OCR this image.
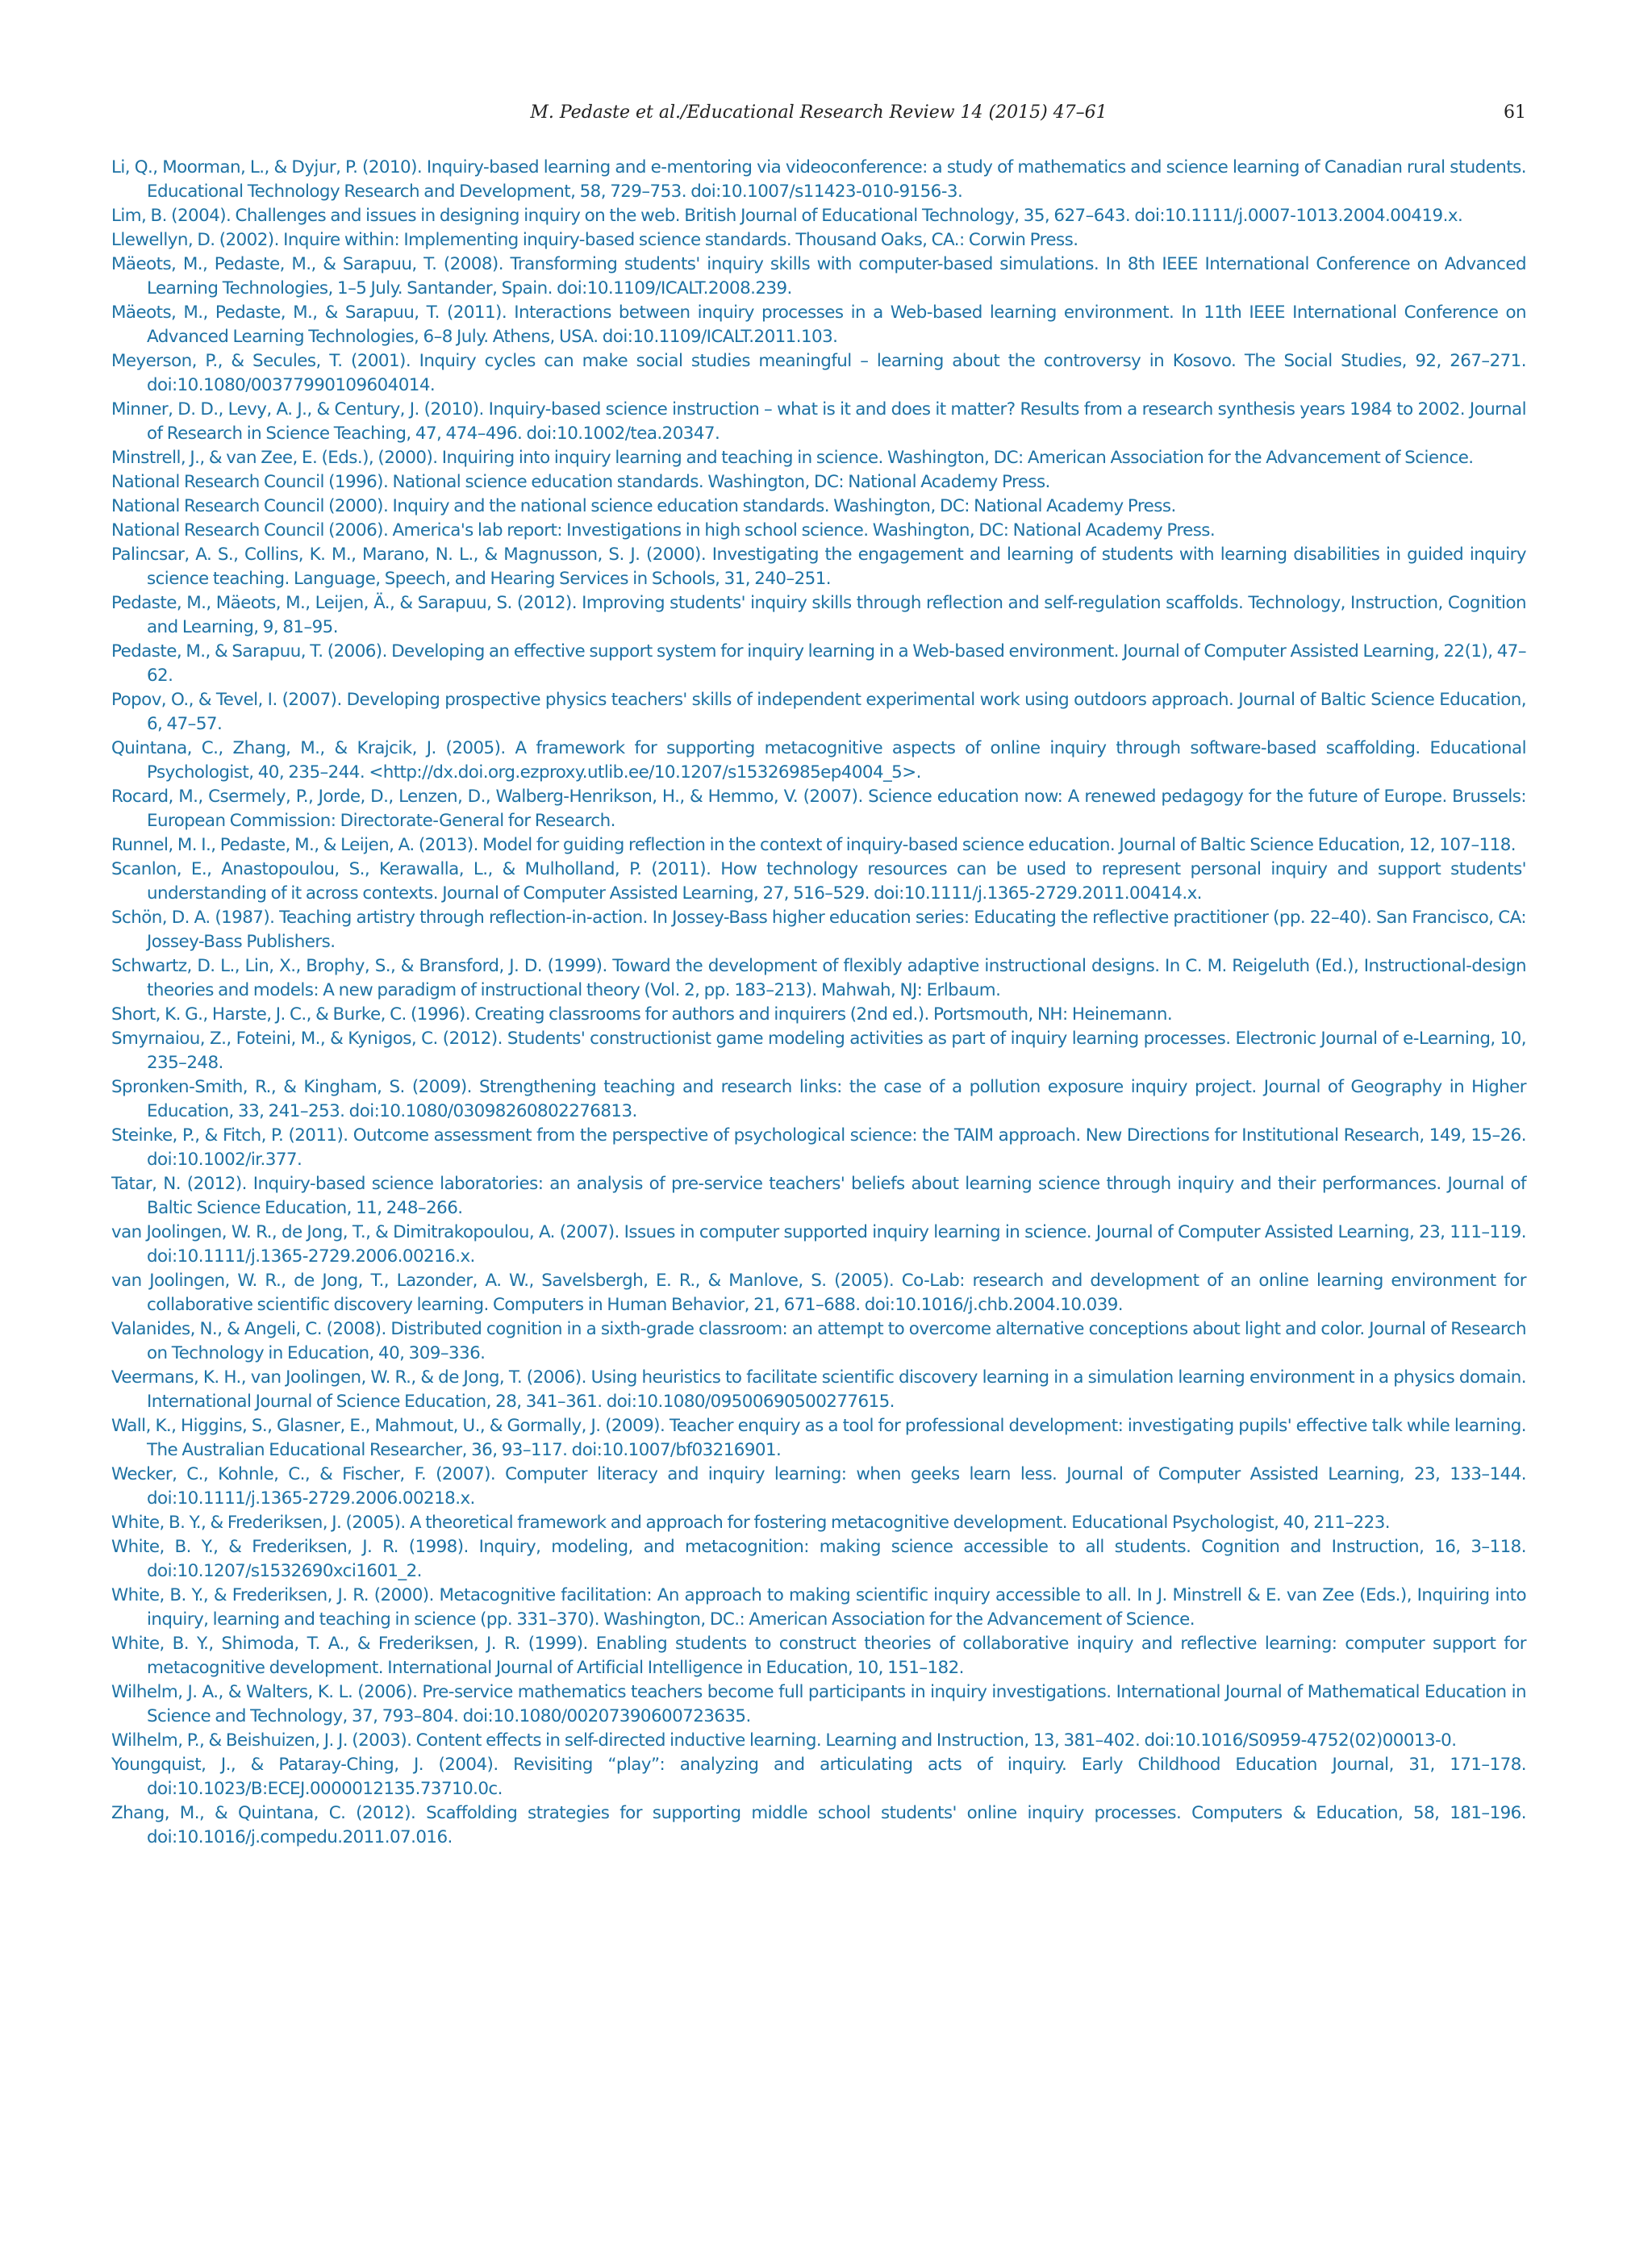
M. Pedaste et al./Educational Research Review 14 (2015) 47–61	61
Li, Q., Moorman, L., & Dyjur, P. (2010). Inquiry-based learning and e-mentoring via videoconference: a study of mathematics and science learning of Canadian rural students. Educational Technology Research and Development, 58, 729–753. doi:10.1007/s11423-010-9156-3.
Lim, B. (2004). Challenges and issues in designing inquiry on the web. British Journal of Educational Technology, 35, 627–643. doi:10.1111/j.0007-1013.2004.00419.x.
Llewellyn, D. (2002). Inquire within: Implementing inquiry-based science standards. Thousand Oaks, CA.: Corwin Press.
Mäeots, M., Pedaste, M., & Sarapuu, T. (2008). Transforming students' inquiry skills with computer-based simulations. In 8th IEEE International Conference on Advanced Learning Technologies, 1–5 July. Santander, Spain. doi:10.1109/ICALT.2008.239.
Mäeots, M., Pedaste, M., & Sarapuu, T. (2011). Interactions between inquiry processes in a Web-based learning environment. In 11th IEEE International Conference on Advanced Learning Technologies, 6–8 July. Athens, USA. doi:10.1109/ICALT.2011.103.
Meyerson, P., & Secules, T. (2001). Inquiry cycles can make social studies meaningful – learning about the controversy in Kosovo. The Social Studies, 92, 267–271. doi:10.1080/00377990109604014.
Minner, D. D., Levy, A. J., & Century, J. (2010). Inquiry-based science instruction – what is it and does it matter? Results from a research synthesis years 1984 to 2002. Journal of Research in Science Teaching, 47, 474–496. doi:10.1002/tea.20347.
Minstrell, J., & van Zee, E. (Eds.), (2000). Inquiring into inquiry learning and teaching in science. Washington, DC: American Association for the Advancement of Science.
National Research Council (1996). National science education standards. Washington, DC: National Academy Press.
National Research Council (2000). Inquiry and the national science education standards. Washington, DC: National Academy Press.
National Research Council (2006). America's lab report: Investigations in high school science. Washington, DC: National Academy Press.
Palincsar, A. S., Collins, K. M., Marano, N. L., & Magnusson, S. J. (2000). Investigating the engagement and learning of students with learning disabilities in guided inquiry science teaching. Language, Speech, and Hearing Services in Schools, 31, 240–251.
Pedaste, M., Mäeots, M., Leijen, Ä., & Sarapuu, S. (2012). Improving students' inquiry skills through reflection and self-regulation scaffolds. Technology, Instruction, Cognition and Learning, 9, 81–95.
Pedaste, M., & Sarapuu, T. (2006). Developing an effective support system for inquiry learning in a Web-based environment. Journal of Computer Assisted Learning, 22(1), 47–62.
Popov, O., & Tevel, I. (2007). Developing prospective physics teachers' skills of independent experimental work using outdoors approach. Journal of Baltic Science Education, 6, 47–57.
Quintana, C., Zhang, M., & Krajcik, J. (2005). A framework for supporting metacognitive aspects of online inquiry through software-based scaffolding. Educational Psychologist, 40, 235–244. <http://dx.doi.org.ezproxy.utlib.ee/10.1207/s15326985ep4004_5>.
Rocard, M., Csermely, P., Jorde, D., Lenzen, D., Walberg-Henrikson, H., & Hemmo, V. (2007). Science education now: A renewed pedagogy for the future of Europe. Brussels: European Commission: Directorate-General for Research.
Runnel, M. I., Pedaste, M., & Leijen, A. (2013). Model for guiding reflection in the context of inquiry-based science education. Journal of Baltic Science Education, 12, 107–118.
Scanlon, E., Anastopoulou, S., Kerawalla, L., & Mulholland, P. (2011). How technology resources can be used to represent personal inquiry and support students' understanding of it across contexts. Journal of Computer Assisted Learning, 27, 516–529. doi:10.1111/j.1365-2729.2011.00414.x.
Schön, D. A. (1987). Teaching artistry through reflection-in-action. In Jossey-Bass higher education series: Educating the reflective practitioner (pp. 22–40). San Francisco, CA: Jossey-Bass Publishers.
Schwartz, D. L., Lin, X., Brophy, S., & Bransford, J. D. (1999). Toward the development of flexibly adaptive instructional designs. In C. M. Reigeluth (Ed.), Instructional-design theories and models: A new paradigm of instructional theory (Vol. 2, pp. 183–213). Mahwah, NJ: Erlbaum.
Short, K. G., Harste, J. C., & Burke, C. (1996). Creating classrooms for authors and inquirers (2nd ed.). Portsmouth, NH: Heinemann.
Smyrnaiou, Z., Foteini, M., & Kynigos, C. (2012). Students' constructionist game modeling activities as part of inquiry learning processes. Electronic Journal of e-Learning, 10, 235–248.
Spronken-Smith, R., & Kingham, S. (2009). Strengthening teaching and research links: the case of a pollution exposure inquiry project. Journal of Geography in Higher Education, 33, 241–253. doi:10.1080/03098260802276813.
Steinke, P., & Fitch, P. (2011). Outcome assessment from the perspective of psychological science: the TAIM approach. New Directions for Institutional Research, 149, 15–26. doi:10.1002/ir.377.
Tatar, N. (2012). Inquiry-based science laboratories: an analysis of pre-service teachers' beliefs about learning science through inquiry and their performances. Journal of Baltic Science Education, 11, 248–266.
van Joolingen, W. R., de Jong, T., & Dimitrakopoulou, A. (2007). Issues in computer supported inquiry learning in science. Journal of Computer Assisted Learning, 23, 111–119. doi:10.1111/j.1365-2729.2006.00216.x.
van Joolingen, W. R., de Jong, T., Lazonder, A. W., Savelsbergh, E. R., & Manlove, S. (2005). Co-Lab: research and development of an online learning environment for collaborative scientific discovery learning. Computers in Human Behavior, 21, 671–688. doi:10.1016/j.chb.2004.10.039.
Valanides, N., & Angeli, C. (2008). Distributed cognition in a sixth-grade classroom: an attempt to overcome alternative conceptions about light and color. Journal of Research on Technology in Education, 40, 309–336.
Veermans, K. H., van Joolingen, W. R., & de Jong, T. (2006). Using heuristics to facilitate scientific discovery learning in a simulation learning environment in a physics domain. International Journal of Science Education, 28, 341–361. doi:10.1080/09500690500277615.
Wall, K., Higgins, S., Glasner, E., Mahmout, U., & Gormally, J. (2009). Teacher enquiry as a tool for professional development: investigating pupils' effective talk while learning. The Australian Educational Researcher, 36, 93–117. doi:10.1007/bf03216901.
Wecker, C., Kohnle, C., & Fischer, F. (2007). Computer literacy and inquiry learning: when geeks learn less. Journal of Computer Assisted Learning, 23, 133–144. doi:10.1111/j.1365-2729.2006.00218.x.
White, B. Y., & Frederiksen, J. (2005). A theoretical framework and approach for fostering metacognitive development. Educational Psychologist, 40, 211–223.
White, B. Y., & Frederiksen, J. R. (1998). Inquiry, modeling, and metacognition: making science accessible to all students. Cognition and Instruction, 16, 3–118. doi:10.1207/s1532690xci1601_2.
White, B. Y., & Frederiksen, J. R. (2000). Metacognitive facilitation: An approach to making scientific inquiry accessible to all. In J. Minstrell & E. van Zee (Eds.), Inquiring into inquiry, learning and teaching in science (pp. 331–370). Washington, DC.: American Association for the Advancement of Science.
White, B. Y., Shimoda, T. A., & Frederiksen, J. R. (1999). Enabling students to construct theories of collaborative inquiry and reflective learning: computer support for metacognitive development. International Journal of Artificial Intelligence in Education, 10, 151–182.
Wilhelm, J. A., & Walters, K. L. (2006). Pre-service mathematics teachers become full participants in inquiry investigations. International Journal of Mathematical Education in Science and Technology, 37, 793–804. doi:10.1080/00207390600723635.
Wilhelm, P., & Beishuizen, J. J. (2003). Content effects in self-directed inductive learning. Learning and Instruction, 13, 381–402. doi:10.1016/S0959-4752(02)00013-0.
Youngquist, J., & Pataray-Ching, J. (2004). Revisiting “play”: analyzing and articulating acts of inquiry. Early Childhood Education Journal, 31, 171–178. doi:10.1023/B:ECEJ.0000012135.73710.0c.
Zhang, M., & Quintana, C. (2012). Scaffolding strategies for supporting middle school students' online inquiry processes. Computers & Education, 58, 181–196. doi:10.1016/j.compedu.2011.07.016.
